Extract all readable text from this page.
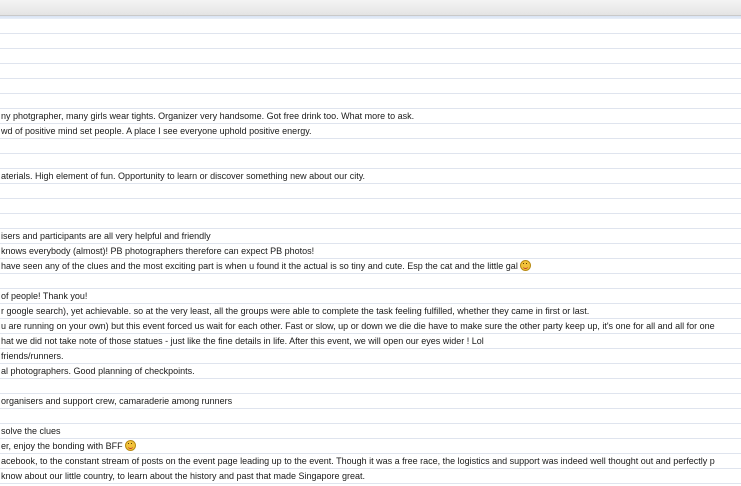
ny photgrapher, many girls wear tights. Organizer very handsome. Got free drink too. What more to ask.
wd of positive mind set people. A place I see everyone uphold positive energy.
aterials. High element of fun. Opportunity to learn or discover something new about our city.
isers and participants are all very helpful and friendly
knows everybody (almost)! PB photographers therefore can expect PB photos!
have seen any of the clues and the most exciting part is when u found it the actual is so tiny and cute. Esp the cat and the little gal
of people! Thank you!
r google search), yet achievable. so at the very least, all the groups were able to complete the task feeling fulfilled, whether they came in first or last.
u are running on your own) but this event forced us wait for each other. Fast or slow, up or down we die die have to make sure the other party keep up, it's one for all and all for one
hat we did not take note of those statues - just like the fine details in life. After this event, we will open our eyes wider ! Lol
friends/runners.
al photographers. Good planning of checkpoints.
organisers and support crew, camaraderie among runners
solve the clues
er, enjoy the bonding with BFF
acebook, to the constant stream of posts on the event page leading up to the event. Though it was a free race, the logistics and support was indeed well thought out and perfectly p
know about our little country, to learn about the history and past that made Singapore great.
